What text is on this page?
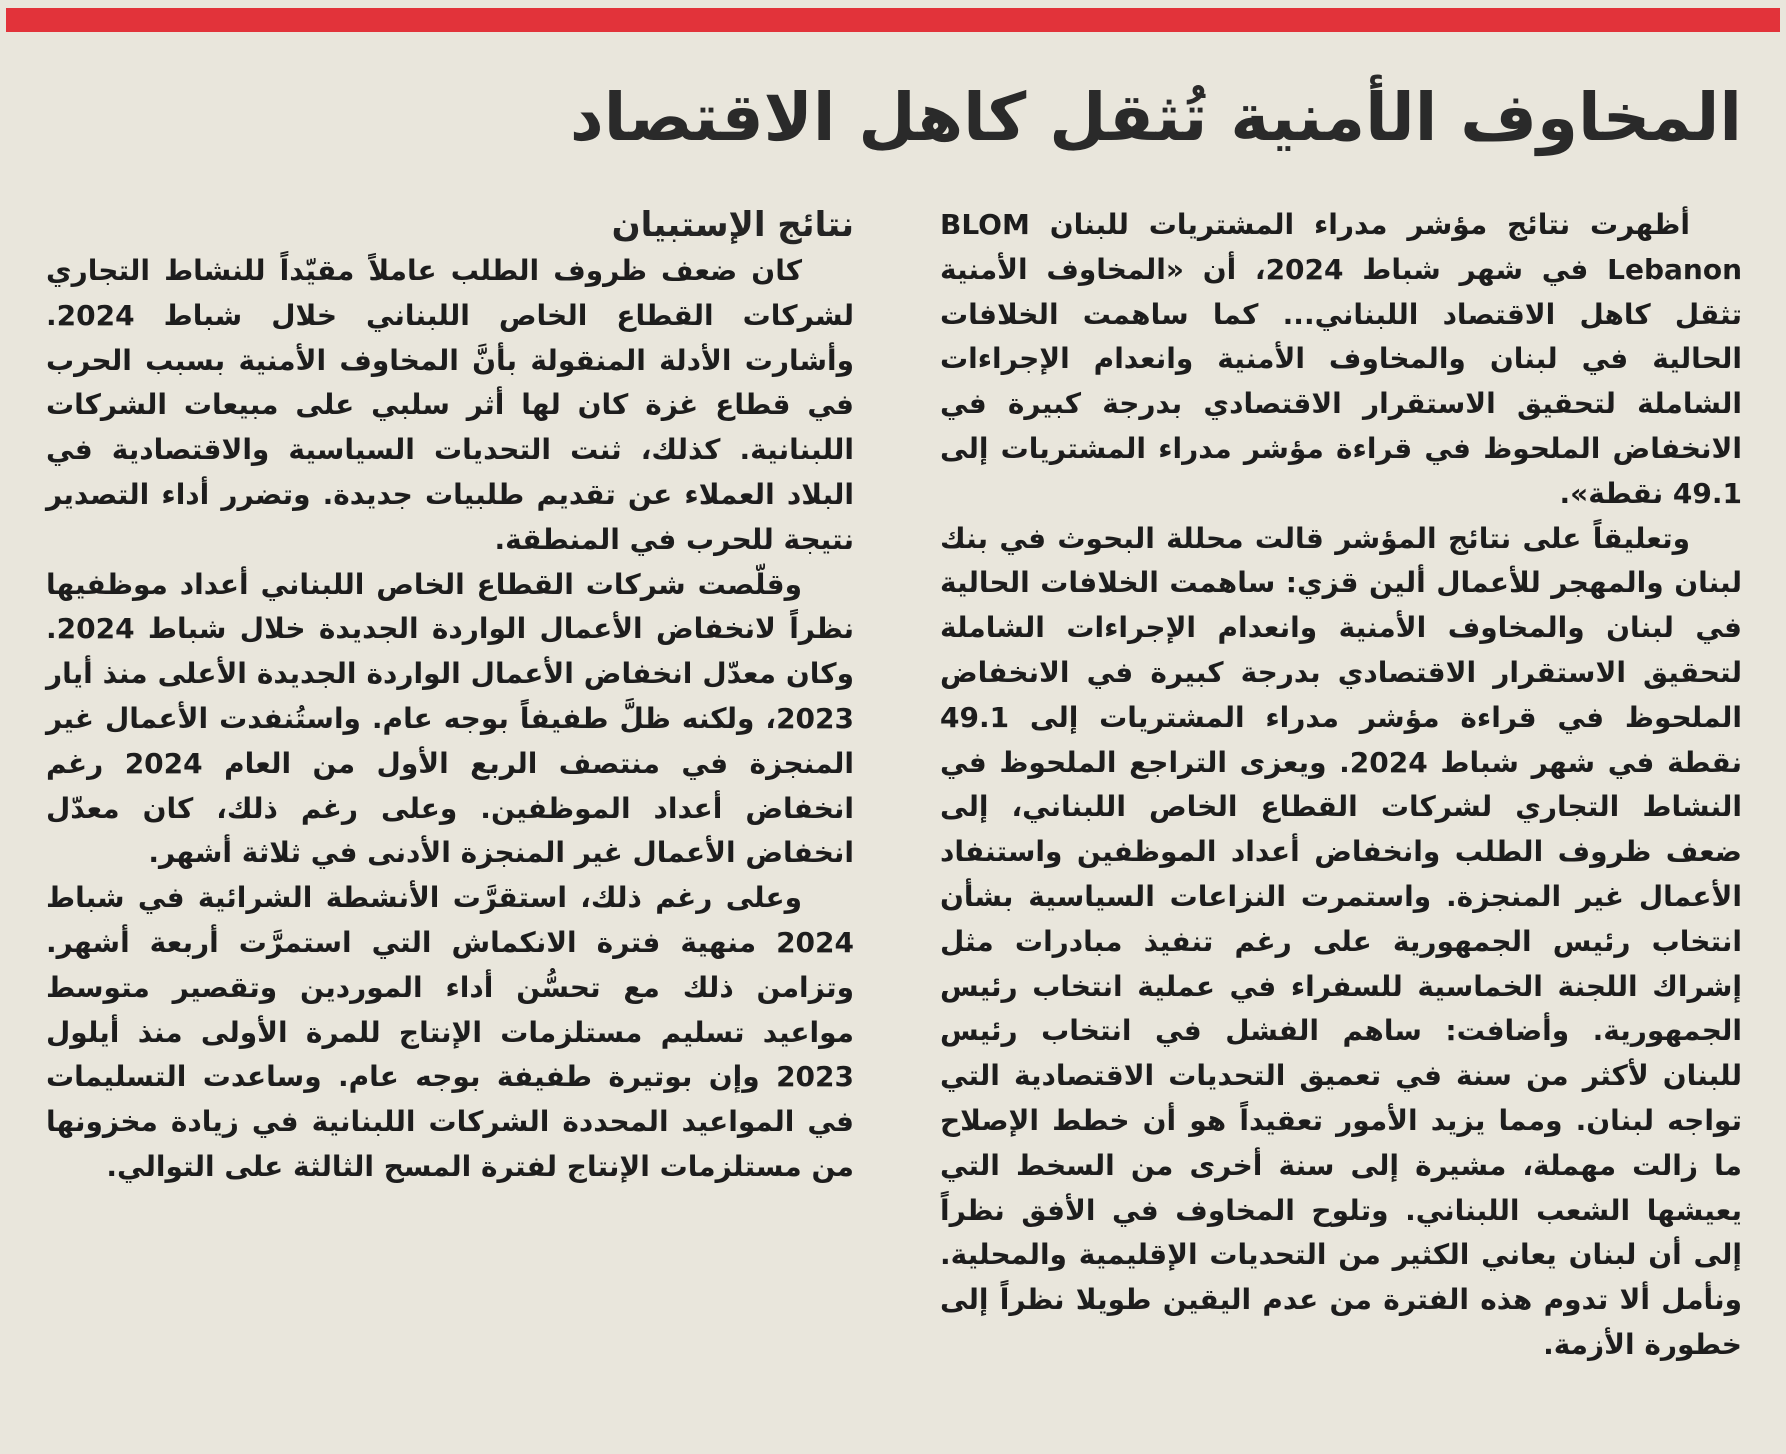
المخاوف الأمنية تُثقل كاهل الاقتصاد

أظهرت نتائج مؤشر مدراء المشتريات للبنان BLOM Lebanon في شهر شباط 2024، أن «المخاوف الأمنية تثقل كاهل الاقتصاد اللبناني... كما ساهمت الخلافات الحالية في لبنان والمخاوف الأمنية وانعدام الإجراءات الشاملة لتحقيق الاستقرار الاقتصادي بدرجة كبيرة في الانخفاض الملحوظ في قراءة مؤشر مدراء المشتريات إلى 49.1 نقطة».

وتعليقاً على نتائج المؤشر قالت محللة البحوث في بنك لبنان والمهجر للأعمال ألين قزي: ساهمت الخلافات الحالية في لبنان والمخاوف الأمنية وانعدام الإجراءات الشاملة لتحقيق الاستقرار الاقتصادي بدرجة كبيرة في الانخفاض الملحوظ في قراءة مؤشر مدراء المشتريات إلى 49.1 نقطة في شهر شباط 2024. ويعزى التراجع الملحوظ في النشاط التجاري لشركات القطاع الخاص اللبناني، إلى ضعف ظروف الطلب وانخفاض أعداد الموظفين واستنفاد الأعمال غير المنجزة. واستمرت النزاعات السياسية بشأن انتخاب رئيس الجمهورية على رغم تنفيذ مبادرات مثل إشراك اللجنة الخماسية للسفراء في عملية انتخاب رئيس الجمهورية. وأضافت: ساهم الفشل في انتخاب رئيس للبنان لأكثر من سنة في تعميق التحديات الاقتصادية التي تواجه لبنان. ومما يزيد الأمور تعقيداً هو أن خطط الإصلاح ما زالت مهملة، مشيرة إلى سنة أخرى من السخط التي يعيشها الشعب اللبناني. وتلوح المخاوف في الأفق نظراً إلى أن لبنان يعاني الكثير من التحديات الإقليمية والمحلية. ونأمل ألا تدوم هذه الفترة من عدم اليقين طويلا نظراً إلى خطورة الأزمة.

نتائج الإستبيان

كان ضعف ظروف الطلب عاملاً مقيّداً للنشاط التجاري لشركات القطاع الخاص اللبناني خلال شباط 2024. وأشارت الأدلة المنقولة بأنَّ المخاوف الأمنية بسبب الحرب في قطاع غزة كان لها أثر سلبي على مبيعات الشركات اللبنانية. كذلك، ثنت التحديات السياسية والاقتصادية في البلاد العملاء عن تقديم طلبيات جديدة. وتضرر أداء التصدير نتيجة للحرب في المنطقة.

وقلّصت شركات القطاع الخاص اللبناني أعداد موظفيها نظراً لانخفاض الأعمال الواردة الجديدة خلال شباط 2024. وكان معدّل انخفاض الأعمال الواردة الجديدة الأعلى منذ أيار 2023، ولكنه ظلَّ طفيفاً بوجه عام. واستُنفدت الأعمال غير المنجزة في منتصف الربع الأول من العام 2024 رغم انخفاض أعداد الموظفين. وعلى رغم ذلك، كان معدّل انخفاض الأعمال غير المنجزة الأدنى في ثلاثة أشهر.

وعلى رغم ذلك، استقرَّت الأنشطة الشرائية في شباط 2024 منهية فترة الانكماش التي استمرَّت أربعة أشهر. وتزامن ذلك مع تحسُّن أداء الموردين وتقصير متوسط مواعيد تسليم مستلزمات الإنتاج للمرة الأولى منذ أيلول 2023 وإن بوتيرة طفيفة بوجه عام. وساعدت التسليمات في المواعيد المحددة الشركات اللبنانية في زيادة مخزونها من مستلزمات الإنتاج لفترة المسح الثالثة على التوالي.
